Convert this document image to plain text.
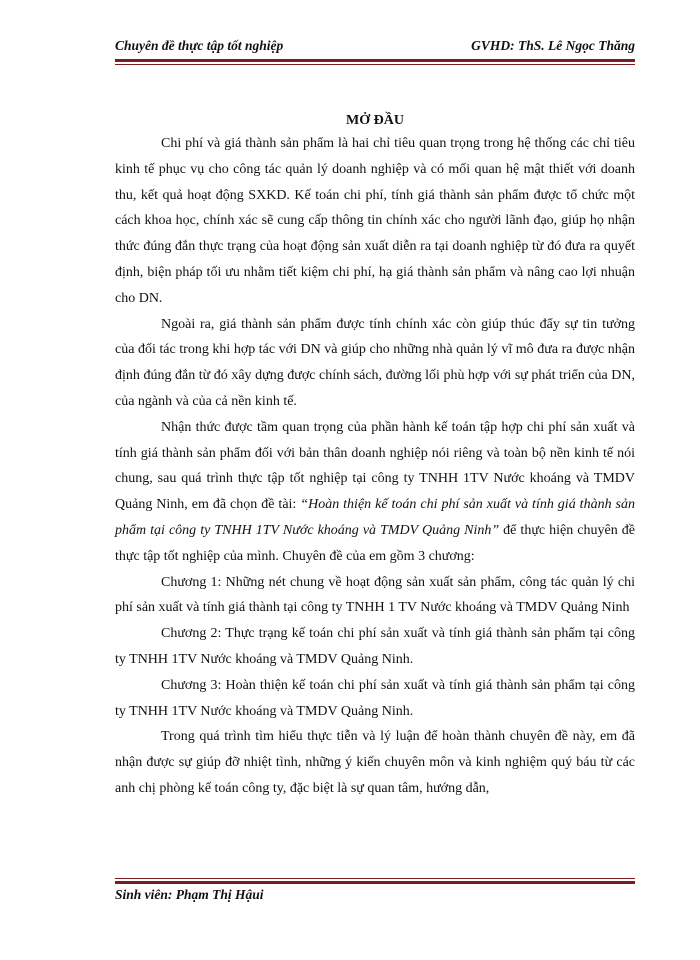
Chuyên đề thực tập tốt nghiệp	GVHD: ThS. Lê Ngọc Thăng
MỞ ĐẦU

Chi phí và giá thành sản phẩm là hai chỉ tiêu quan trọng trong hệ thống các chỉ tiêu kinh tế phục vụ cho công tác quản lý doanh nghiệp và có mối quan hệ mật thiết với doanh thu, kết quả hoạt động SXKD. Kế toán chi phí, tính giá thành sản phẩm được tổ chức một cách khoa học, chính xác sẽ cung cấp thông tin chính xác cho người lãnh đạo, giúp họ nhận thức đúng đắn thực trạng của hoạt động sản xuất diễn ra tại doanh nghiệp từ đó đưa ra quyết định, biện pháp tối ưu nhằm tiết kiệm chi phí, hạ giá thành sản phẩm và nâng cao lợi nhuận cho DN.

Ngoài ra, giá thành sản phẩm được tính chính xác còn giúp thúc đẩy sự tin tưởng của đối tác trong khi hợp tác với DN và giúp cho những nhà quản lý vĩ mô đưa ra được nhận định đúng đắn từ đó xây dựng được chính sách, đường lối phù hợp với sự phát triển của DN, của ngành và của cả nền kinh tế.

Nhận thức được tầm quan trọng của phần hành kế toán tập hợp chi phí sản xuất và tính giá thành sản phẩm đối với bản thân doanh nghiệp nói riêng và toàn bộ nền kinh tế nói chung, sau quá trình thực tập tốt nghiệp tại công ty TNHH 1TV Nước khoáng và TMDV Quảng Ninh, em đã chọn đề tài: “Hoàn thiện kế toán chi phí sản xuất và tính giá thành sản phẩm tại công ty TNHH 1TV Nước khoáng và TMDV Quảng Ninh” để thực hiện chuyên đề thực tập tốt nghiệp của mình. Chuyên đề của em gồm 3 chương:

Chương 1: Những nét chung về hoạt động sản xuất sản phẩm, công tác quản lý chi phí sản xuất và tính giá thành tại công ty TNHH 1 TV Nước khoáng và TMDV Quảng Ninh

Chương 2: Thực trạng kế toán chi phí sản xuất và tính giá thành sản phẩm tại công ty TNHH 1TV Nước khoáng và TMDV Quảng Ninh.

Chương 3: Hoàn thiện kế toán chi phí sản xuất và tính giá thành sản phẩm tại công ty TNHH 1TV Nước khoáng và TMDV Quảng Ninh.

Trong quá trình tìm hiểu thực tiễn và lý luận để hoàn thành chuyên đề này, em đã nhận được sự giúp đỡ nhiệt tình, những ý kiến chuyên môn và kinh nghiệm quý báu từ các anh chị phòng kế toán công ty, đặc biệt là sự quan tâm, hướng dẫn,

Sinh viên: Phạm Thị Hậui
